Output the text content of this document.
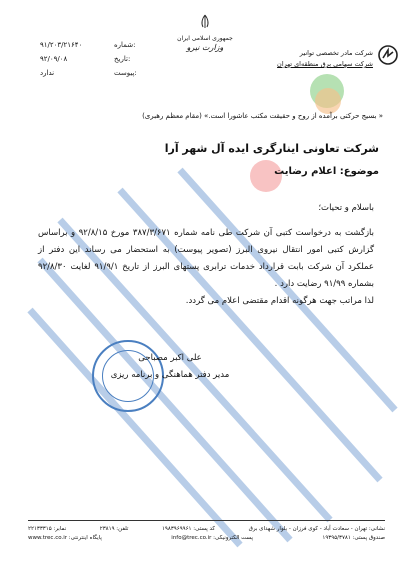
۹۱/۲۰۳/۲۱۶۴۰	شماره:
۹۲/۰۹/۰۸	تاریخ:
ندارد	پیوست:
جمهوری اسلامی ایران
وزارت نیرو
شرکت مادر تخصصی توانیر
شرکت سهامی برق منطقه‌ای تهران
« بسیج حرکتی برآمده از روح و حقیقت مکتب عاشورا است.» (مقام معظم رهبری)
شرکت تعاونی اینارگری ایده آل شهر آرا
موضوع: اعلام رضایت
باسلام و تحیات؛
بازگشت به درخواست کتبی آن شرکت طی نامه شماره ۳۸۷/۳/۶۷۱ مورخ ۹۲/۸/۱۵ و براساس گزارش کتبی امور انتقال نیروی البرز (تصویر پیوست) به استحضار می رساند این دفتر از عملکرد آن شرکت بابت قرارداد خدمات ترابری پستهای البرز از تاریخ ۹۱/۹/۱ لغایت ۹۲/۸/۳۰ بشماره ۹۱/۹۹ رضایت دارد .
لذا مراتب جهت هرگونه اقدام مقتضی اعلام می گردد.
علی اکبر مصباحی
مدیر دفتر هماهنگی و برنامه ریزی
نشانی: تهران - سعادت آباد - کوی فرزان - بلوار شهدای برق
کد پستی: ۱۹۸۳۹۶۹۹۶۱
تلفن: ۲۳۸۱۹
نمابر: ۲۲۱۳۳۳۱۵
صندوق پستی: ۱۹۳۹۵/۳۷۸۱
پست الکترونیکی: info@trec.co.ir
پایگاه اینترنتی: www.trec.co.ir
